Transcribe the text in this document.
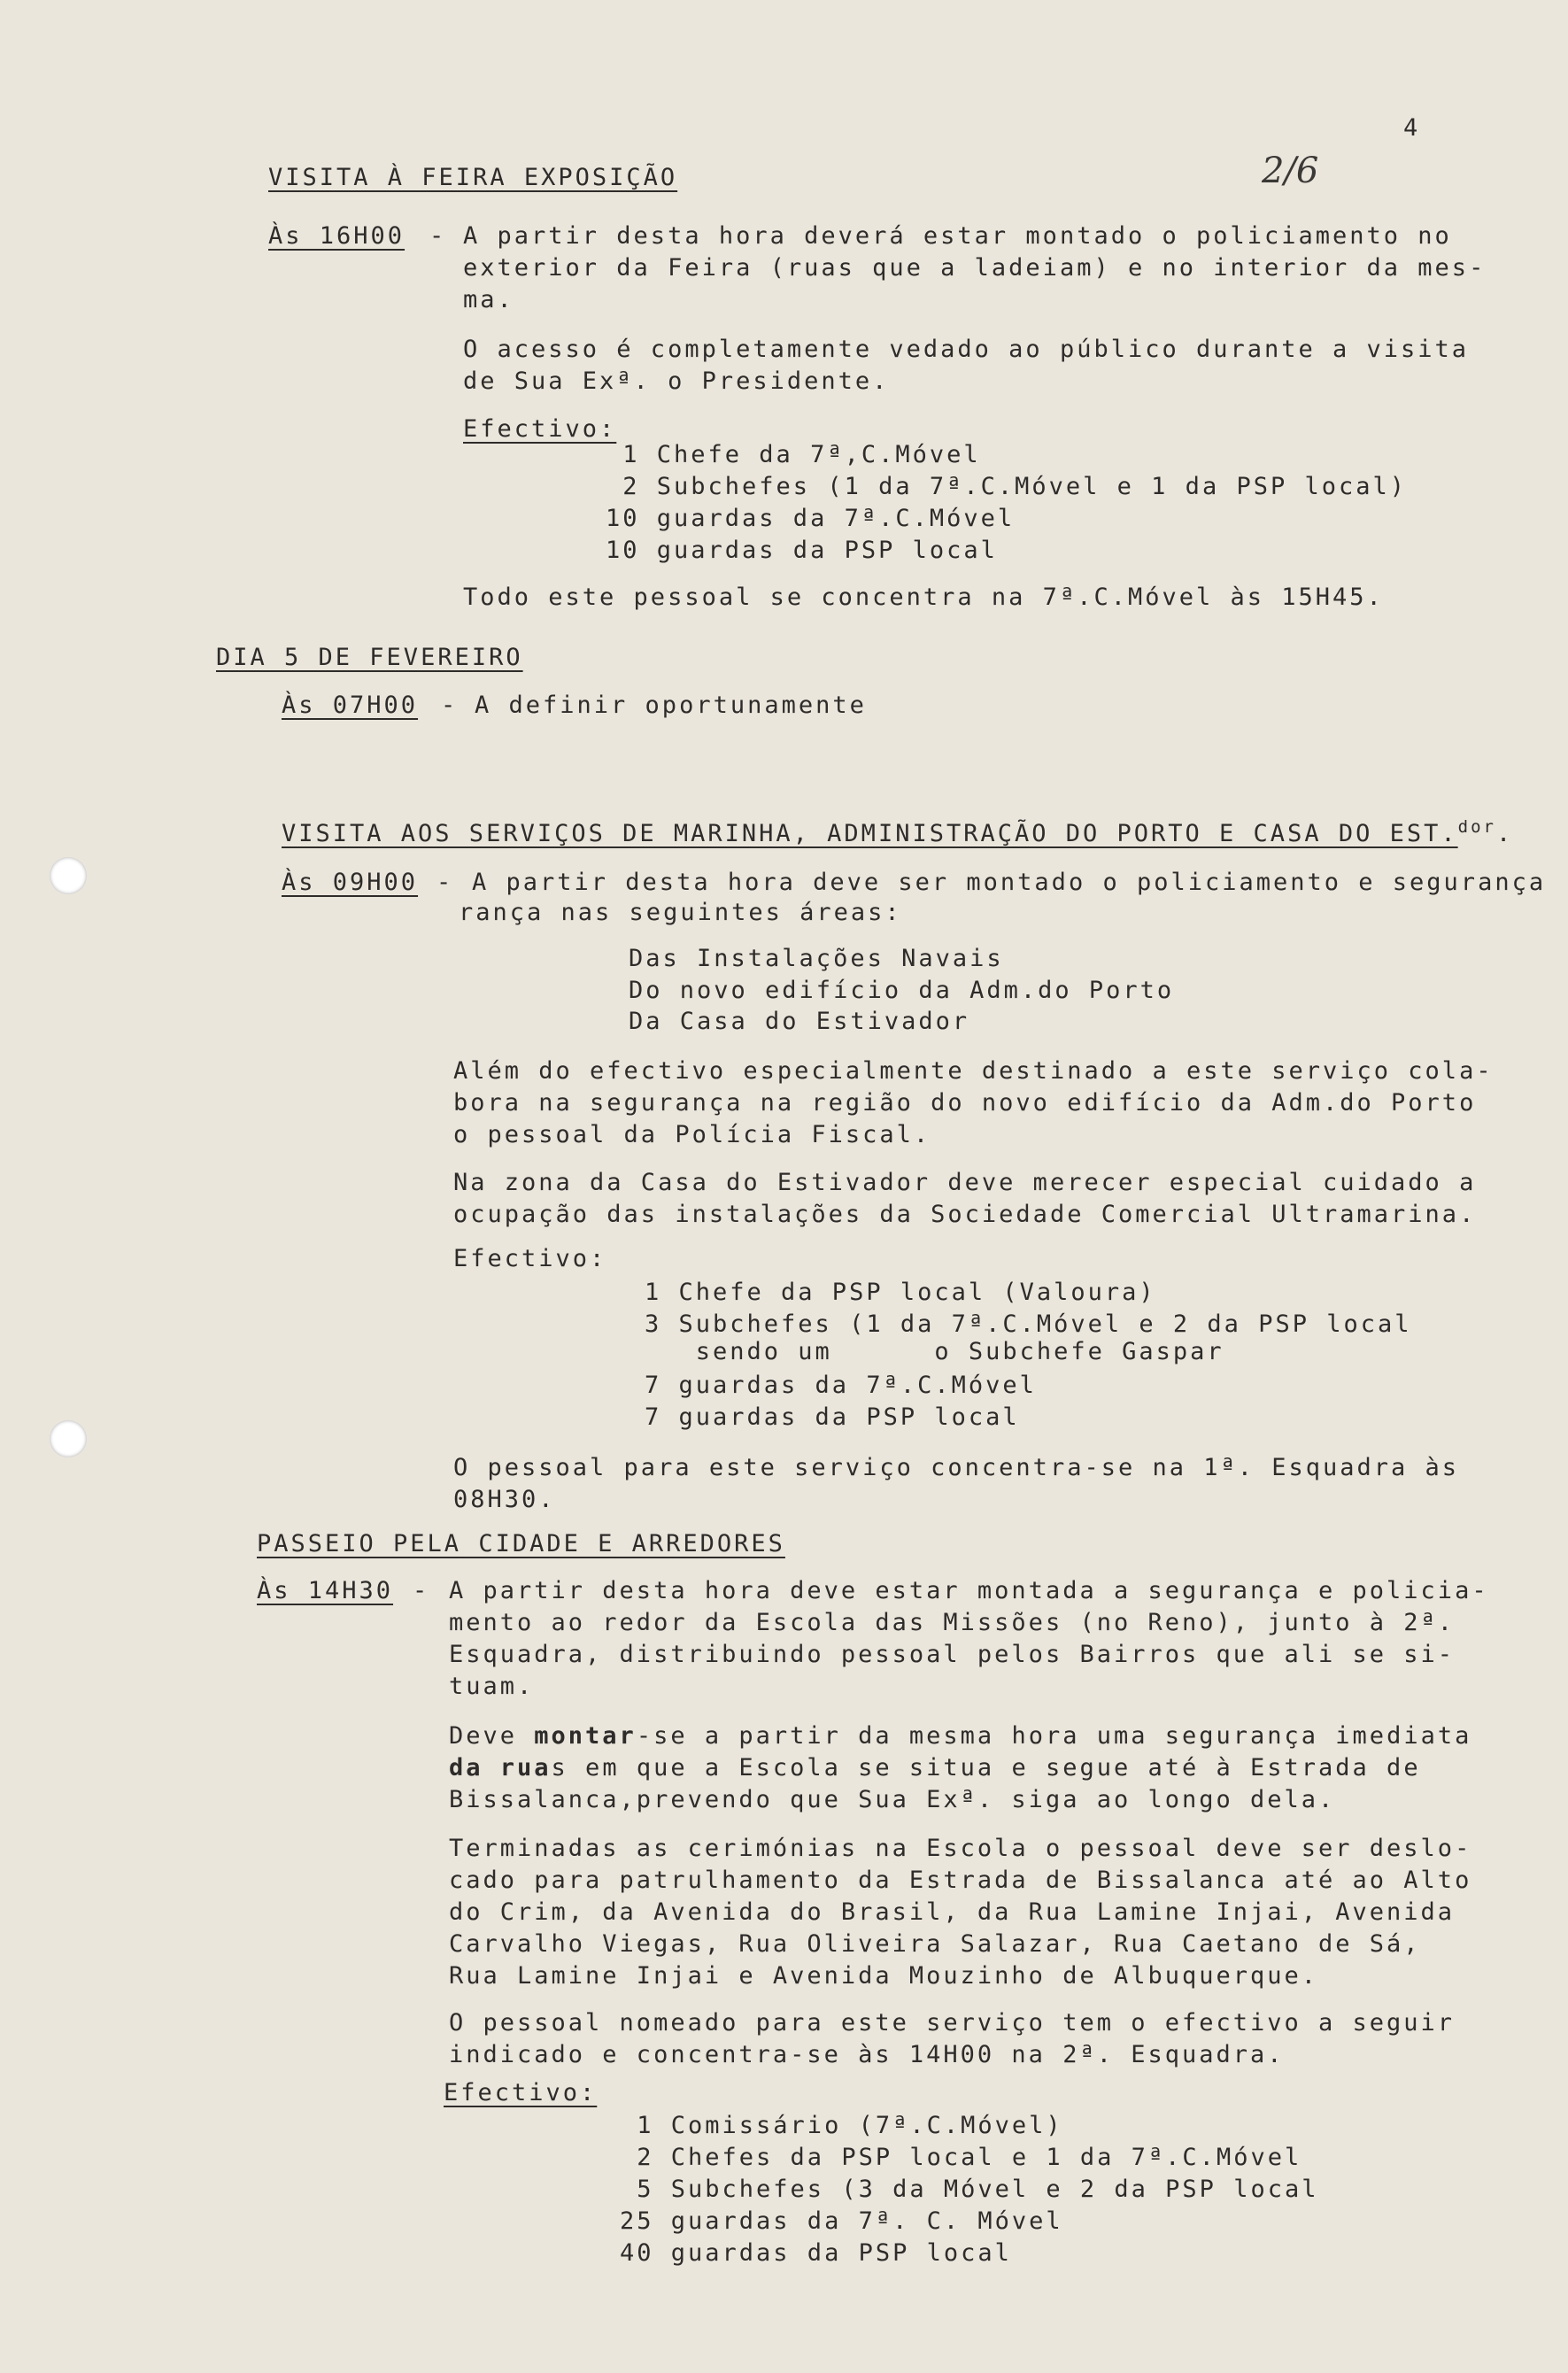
4
2/6
VISITA À FEIRA EXPOSIÇÃO
Às 16H00 - A partir desta hora deverá estar montado o policiamento no
exterior da Feira (ruas que a ladeiam) e no interior da mes-
ma.
O acesso é completamente vedado ao público durante a visita
de Sua Exª. o Presidente.
Efectivo:
1 Chefe da 7ª,C.Móvel
2 Subchefes (1 da 7ª.C.Móvel e 1 da PSP local)
10 guardas da 7ª.C.Móvel
10 guardas da PSP local
Todo este pessoal se concentra na 7ª.C.Móvel às 15H45.
DIA 5 DE FEVEREIRO
Às 07H00 - A definir oportunamente
VISITA AOS SERVIÇOS DE MARINHA, ADMINISTRAÇÃO DO PORTO E CASA DO EST.$^{dor}$.
Às 09H00 - A partir desta hora deve ser montado o policiamento e segurança
rança nas seguintes áreas:
Das Instalações Navais
Do novo edifício da Adm.do Porto
Da Casa do Estivador
Além do efectivo especialmente destinado a este serviço cola-
bora na segurança na região do novo edifício da Adm.do Porto
o pessoal da Polícia Fiscal.
Na zona da Casa do Estivador deve merecer especial cuidado a
ocupação das instalações da Sociedade Comercial Ultramarina.
Efectivo:
1 Chefe da PSP local (Valoura)
3 Subchefes (1 da 7ª.C.Móvel e 2 da PSP local
sendo um      o Subchefe Gaspar
7 guardas da 7ª.C.Móvel
7 guardas da PSP local
O pessoal para este serviço concentra-se na 1ª. Esquadra às
08H30.
PASSEIO PELA CIDADE E ARREDORES
Às 14H30 - A partir desta hora deve estar montada a segurança e policia-
mento ao redor da Escola das Missões (no Reno), junto à 2ª.
Esquadra, distribuindo pessoal pelos Bairros que ali se si-
tuam.
Deve montar-se a partir da mesma hora uma segurança imediata
da ruas em que a Escola se situa e segue até à Estrada de
Bissalanca,prevendo que Sua Exª. siga ao longo dela.
Terminadas as cerimónias na Escola o pessoal deve ser deslo-
cado para patrulhamento da Estrada de Bissalanca até ao Alto
do Crim, da Avenida do Brasil, da Rua Lamine Injai, Avenida
Carvalho Viegas, Rua Oliveira Salazar, Rua Caetano de Sá,
Rua Lamine Injai e Avenida Mouzinho de Albuquerque.
O pessoal nomeado para este serviço tem o efectivo a seguir
indicado e concentra-se às 14H00 na 2ª. Esquadra.
Efectivo:
1 Comissário (7ª.C.Móvel)
2 Chefes da PSP local e 1 da 7ª.C.Móvel
5 Subchefes (3 da Móvel e 2 da PSP local
25 guardas da 7ª. C. Móvel
40 guardas da PSP local
